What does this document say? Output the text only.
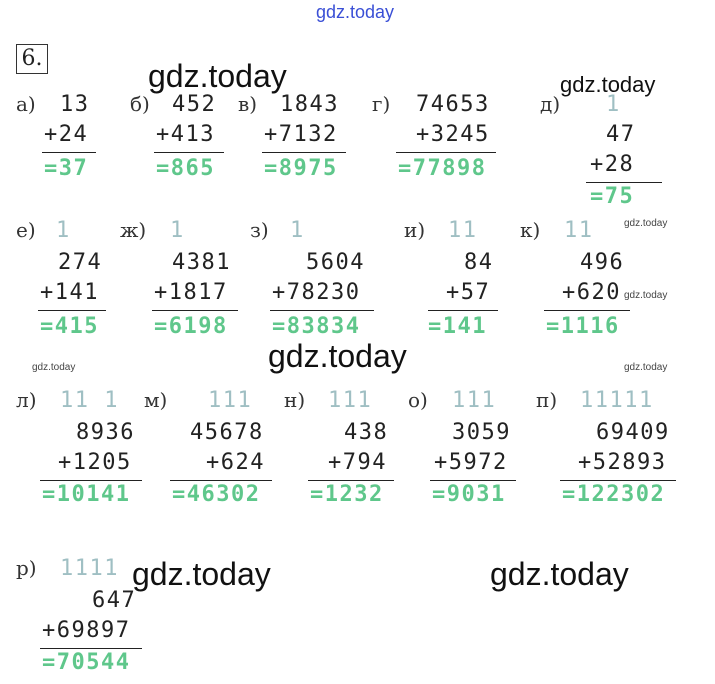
gdz.today
gdz.today	gdz.today
gdz.today
gdz.today
gdz.today
gdz.today	gdz.today
gdz.today	gdz.today
6.
а) 13
+24
=37
б) 452
+413
=865
в) 1843
+7132
=8975
г) 74653
+3245
=77898
д) 1
47
+28
=75
е) 1
274
+141
=415
ж) 1
4381
+1817
=6198
з) 1
5604
+78230
=83834
и) 11
84
+57
=141
к) 11
496
+620
=1116
л) 11 1
8936
+1205
=10141
м) 111
45678
+624
=46302
н) 111
438
+794
=1232
о) 111
3059
+5972
=9031
п) 11111
69409
+52893
=122302
р) 1111
647
+69897
=70544
